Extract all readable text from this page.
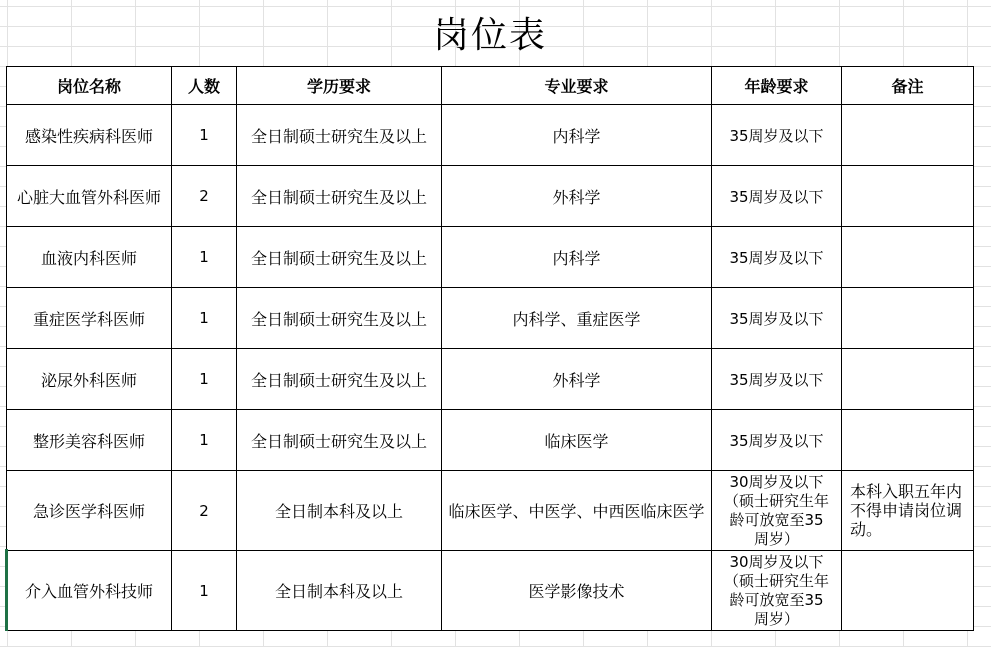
岗位表
岗位名称	人数	学历要求	专业要求	年龄要求	备注
感染性疾病科医师	1	全日制硕士研究生及以上	内科学	35周岁及以下	
心脏大血管外科医师	2	全日制硕士研究生及以上	外科学	35周岁及以下	
血液内科医师	1	全日制硕士研究生及以上	内科学	35周岁及以下	
重症医学科医师	1	全日制硕士研究生及以上	内科学、重症医学	35周岁及以下	
泌尿外科医师	1	全日制硕士研究生及以上	外科学	35周岁及以下	
整形美容科医师	1	全日制硕士研究生及以上	临床医学	35周岁及以下	
急诊医学科医师	2	全日制本科及以上	临床医学、中医学、中西医临床医学	30周岁及以下（硕士研究生年龄可放宽至35周岁）	本科入职五年内不得申请岗位调动。
介入血管外科技师	1	全日制本科及以上	医学影像技术	30周岁及以下（硕士研究生年龄可放宽至35周岁）	
